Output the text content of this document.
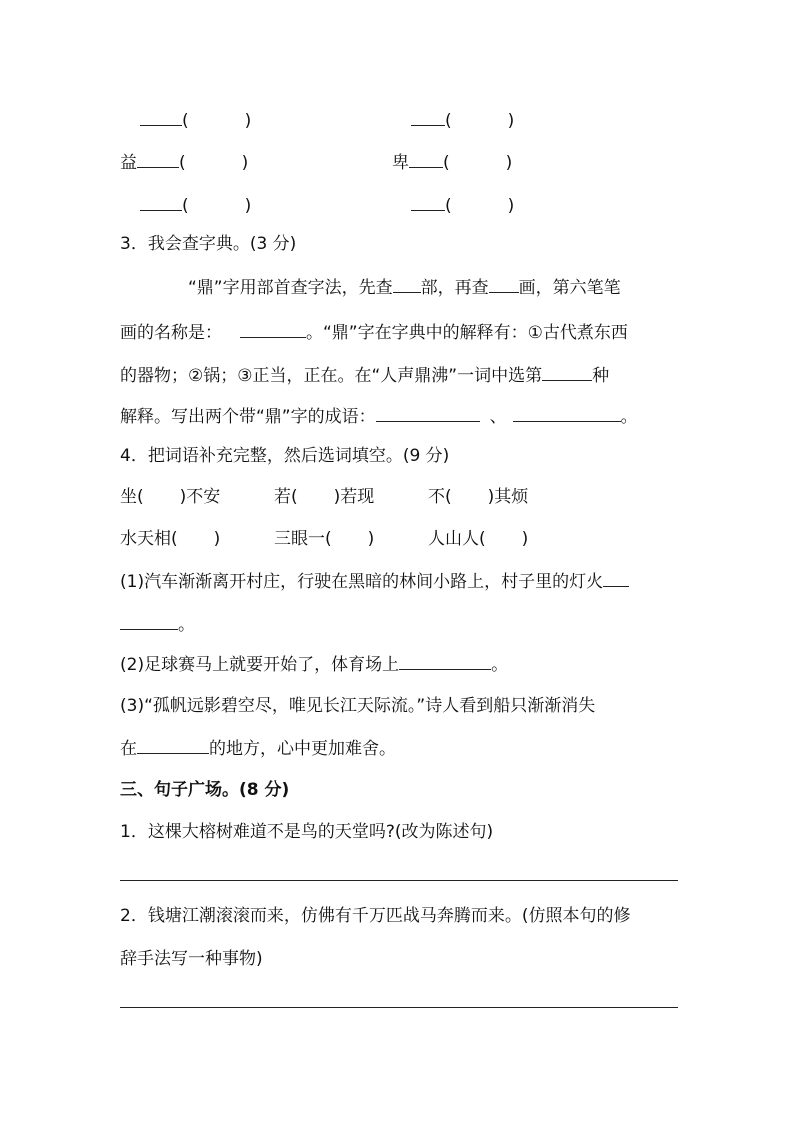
(	)	(	)
益 (	)	卑 (	)
(	)	(	)
3．我会查字典。(3 分)
“鼎”字用部首查字法，先查 部，再查 画，第六笔笔
画的名称是：	。“鼎”字在字典中的解释有：①古代煮东西
的器物；②锅；③正当，正在。在“人声鼎沸”一词中选第	种
解释。写出两个带“鼎”字的成语：	、	。
4．把词语补充完整，然后选词填空。(9 分)
坐( )不安	若( )若现	不( )其烦
水天相( )	三眼一( )	人山人( )
(1)汽车渐渐离开村庄，行驶在黑暗的林间小路上，村子里的灯火
。
(2)足球赛马上就要开始了，体育场上	。
(3)“孤帆远影碧空尽，唯见长江天际流。”诗人看到船只渐渐消失
在	的地方，心中更加难舍。
三、句子广场。(8 分)
1．这棵大榕树难道不是鸟的天堂吗?(改为陈述句)
2．钱塘江潮滚滚而来，仿佛有千万匹战马奔腾而来。(仿照本句的修
辞手法写一种事物)
